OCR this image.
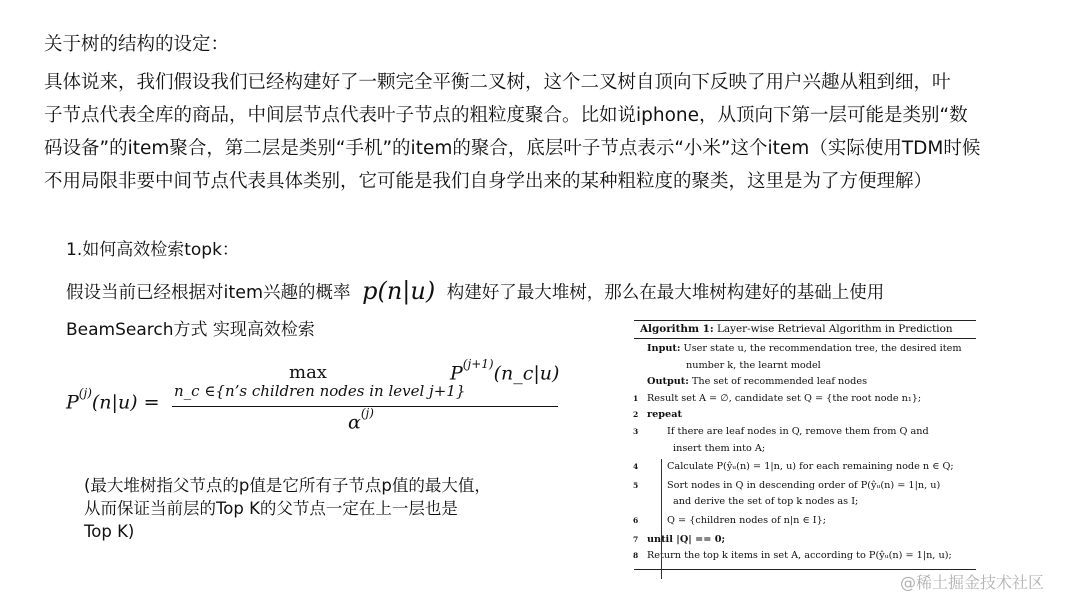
关于树的结构的设定：
具体说来，我们假设我们已经构建好了一颗完全平衡二叉树，这个二叉树自顶向下反映了用户兴趣从粗到细，叶
子节点代表全库的商品，中间层节点代表叶子节点的粗粒度聚合。比如说iphone，从顶向下第一层可能是类别“数
码设备”的item聚合，第二层是类别“手机”的item的聚合，底层叶子节点表示“小米”这个item（实际使用TDM时候
不用局限非要中间节点代表具体类别，它可能是我们自身学出来的某种粗粒度的聚类，这里是为了方便理解）
1.如何高效检索topk：
假设当前已经根据对item兴趣的概率 p(n|u) 构建好了最大堆树，那么在最大堆树构建好的基础上使用
BeamSearch方式 实现高效检索
$P^{(j)}(n|u)$ =
max
n_c ∈{n’s children nodes in level j+1}
$P^{(j+1)}(n\_c|u)$
$\alpha^{(j)}$
(最大堆树指父节点的p值是它所有子节点p值的最大值，
从而保证当前层的Top K的父节点一定在上一层也是
Top K)
Algorithm 1: Layer-wise Retrieval Algorithm in Prediction
Input: User state u, the recommendation tree, the desired item
number k, the learnt model
Output: The set of recommended leaf nodes
1 Result set A = ∅, candidate set Q = {the root node n₁};
2 repeat
3	If there are leaf nodes in Q, remove them from Q and
insert them into A;
4	Calculate P(ŷᵤ(n) = 1|n, u) for each remaining node n ∈ Q;
5	Sort nodes in Q in descending order of P(ŷᵤ(n) = 1|n, u)
and derive the set of top k nodes as I;
6	Q = {children nodes of n|n ∈ I};
7 until |Q| == 0;
8 Return the top k items in set A, according to P(ŷᵤ(n) = 1|n, u);
@稀土掘金技术社区
